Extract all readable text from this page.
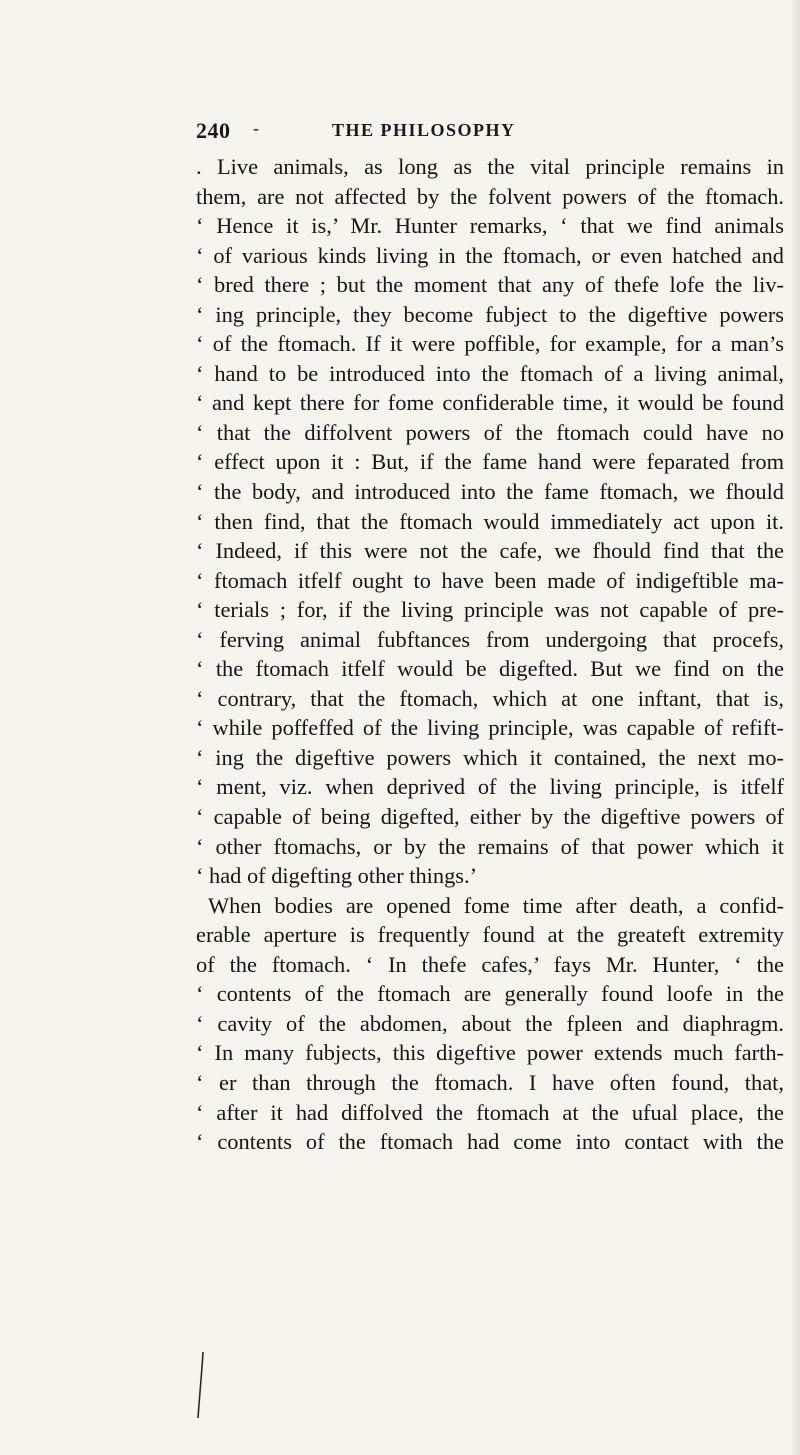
240 -	THE PHILOSOPHY
. Live animals, as long as the vital principle remains in
them, are not affected by the folvent powers of the ftomach.
‘ Hence it is,’ Mr. Hunter remarks, ‘ that we find animals
‘ of various kinds living in the ftomach, or even hatched and
‘ bred there ; but the moment that any of thefe lofe the liv-
‘ ing principle, they become fubject to the digeftive powers
‘ of the ftomach. If it were poffible, for example, for a man’s
‘ hand to be introduced into the ftomach of a living animal,
‘ and kept there for fome confiderable time, it would be found
‘ that the diffolvent powers of the ftomach could have no
‘ effect upon it : But, if the fame hand were feparated from
‘ the body, and introduced into the fame ftomach, we fhould
‘ then find, that the ftomach would immediately act upon it.
‘ Indeed, if this were not the cafe, we fhould find that the
‘ ftomach itfelf ought to have been made of indigeftible ma-
‘ terials ; for, if the living principle was not capable of pre-
‘ ferving animal fubftances from undergoing that procefs,
‘ the ftomach itfelf would be digefted. But we find on the
‘ contrary, that the ftomach, which at one inftant, that is,
‘ while poffeffed of the living principle, was capable of refift-
‘ ing the digeftive powers which it contained, the next mo-
‘ ment, viz. when deprived of the living principle, is itfelf
‘ capable of being digefted, either by the digeftive powers of
‘ other ftomachs, or by the remains of that power which it
‘ had of digefting other things.’
When bodies are opened fome time after death, a confid-
erable aperture is frequently found at the greateft extremity
of the ftomach. ‘ In thefe cafes,’ fays Mr. Hunter, ‘ the
‘ contents of the ftomach are generally found loofe in the
‘ cavity of the abdomen, about the fpleen and diaphragm.
‘ In many fubjects, this digeftive power extends much farth-
‘ er than through the ftomach. I have often found, that,
‘ after it had diffolved the ftomach at the ufual place, the
‘ contents of the ftomach had come into contact with the
